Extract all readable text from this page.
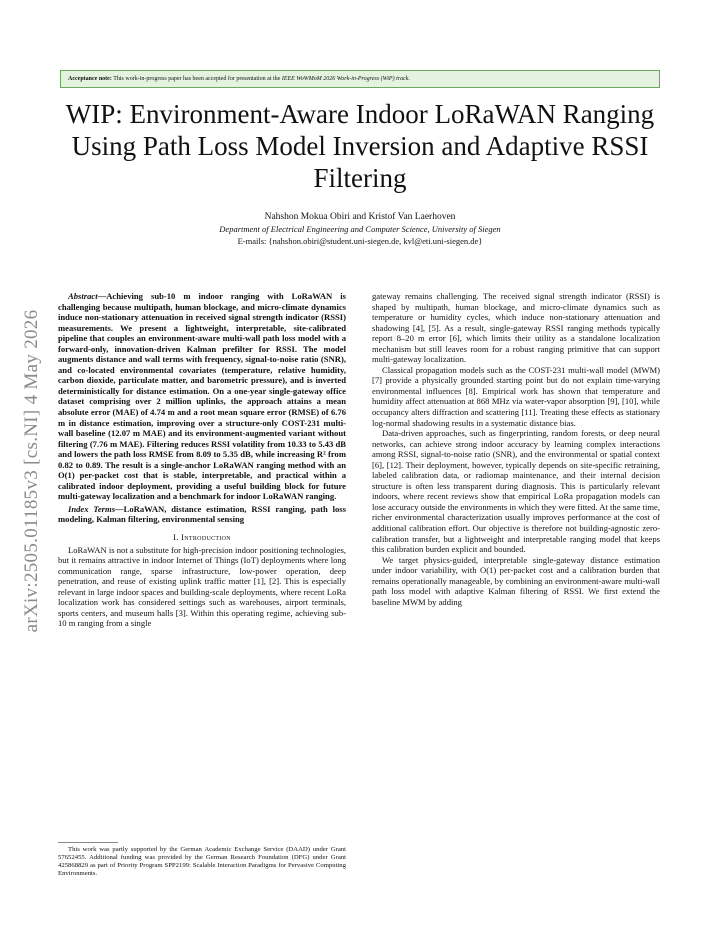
Acceptance note: This work-in-progress paper has been accepted for presentation at the IEEE WoWMoM 2026 Work-in-Progress (WiP) track.
WIP: Environment-Aware Indoor LoRaWAN Ranging Using Path Loss Model Inversion and Adaptive RSSI Filtering
Nahshon Mokua Obiri and Kristof Van Laerhoven
Department of Electrical Engineering and Computer Science, University of Siegen
E-mails: {nahshon.obiri@student.uni-siegen.de, kvl@eti.uni-siegen.de}
arXiv:2505.01185v3 [cs.NI] 4 May 2026
Abstract—Achieving sub-10 m indoor ranging with LoRaWAN is challenging because multipath, human blockage, and micro-climate dynamics induce non-stationary attenuation in received signal strength indicator (RSSI) measurements. We present a lightweight, interpretable, site-calibrated pipeline that couples an environment-aware multi-wall path loss model with a forward-only, innovation-driven Kalman prefilter for RSSI. The model augments distance and wall terms with frequency, signal-to-noise ratio (SNR), and co-located environmental covariates (temperature, relative humidity, carbon dioxide, particulate matter, and barometric pressure), and is inverted deterministically for distance estimation. On a one-year single-gateway office dataset comprising over 2 million uplinks, the approach attains a mean absolute error (MAE) of 4.74 m and a root mean square error (RMSE) of 6.76 m in distance estimation, improving over a structure-only COST-231 multi-wall baseline (12.07 m MAE) and its environment-augmented variant without filtering (7.76 m MAE). Filtering reduces RSSI volatility from 10.33 to 5.43 dB and lowers the path loss RMSE from 8.09 to 5.35 dB, while increasing R² from 0.82 to 0.89. The result is a single-anchor LoRaWAN ranging method with an O(1) per-packet cost that is stable, interpretable, and practical within a calibrated indoor deployment, providing a useful building block for future multi-gateway localization and a benchmark for indoor LoRaWAN ranging.
Index Terms—LoRaWAN, distance estimation, RSSI ranging, path loss modeling, Kalman filtering, environmental sensing
I. Introduction

LoRaWAN is not a substitute for high-precision indoor positioning technologies, but it remains attractive in indoor Internet of Things (IoT) deployments where long communication range, sparse infrastructure, low-power operation, deep penetration, and reuse of existing uplink traffic matter [1], [2]. This is especially relevant in large indoor spaces and building-scale deployments, where recent LoRa localization work has considered settings such as warehouses, airport terminals, sports centers, and museum halls [3]. Within this operating regime, achieving sub-10 m ranging from a single

This work was partly supported by the German Academic Exchange Service (DAAD) under Grant 57652455. Additional funding was provided by the German Research Foundation (DFG) under Grant 425868829 as part of Priority Program SPP2199: Scalable Interaction Paradigms for Pervasive Computing Environments.

gateway remains challenging. The received signal strength indicator (RSSI) is shaped by multipath, human blockage, and micro-climate dynamics such as temperature or humidity cycles, which induce non-stationary attenuation and shadowing [4], [5]. As a result, single-gateway RSSI ranging methods typically report 8–20 m error [6], which limits their utility as a standalone localization mechanism but still leaves room for a robust ranging primitive that can support multi-gateway localization.

Classical propagation models such as the COST-231 multi-wall model (MWM) [7] provide a physically grounded starting point but do not explain time-varying environmental influences [8]. Empirical work has shown that temperature and humidity affect attenuation at 868 MHz via water-vapor absorption [9], [10], while occupancy alters diffraction and scattering [11]. Treating these effects as stationary log-normal shadowing results in a systematic distance bias.

Data-driven approaches, such as fingerprinting, random forests, or deep neural networks, can achieve strong indoor accuracy by learning complex interactions among RSSI, signal-to-noise ratio (SNR), and the environmental or spatial context [6], [12]. Their deployment, however, typically depends on site-specific retraining, labeled calibration data, or radiomap maintenance, and their internal decision structure is often less transparent during diagnosis. This is particularly relevant indoors, where recent reviews show that empirical LoRa propagation models can lose accuracy outside the environments in which they were fitted. At the same time, richer environmental characterization usually improves performance at the cost of additional calibration effort. Our objective is therefore not building-agnostic zero-calibration transfer, but a lightweight and interpretable ranging model that keeps this calibration burden explicit and bounded.

We target physics-guided, interpretable single-gateway distance estimation under indoor variability, with O(1) per-packet cost and a calibration burden that remains operationally manageable, by combining an environment-aware multi-wall path loss model with adaptive Kalman filtering of RSSI. We first extend the baseline MWM by adding
